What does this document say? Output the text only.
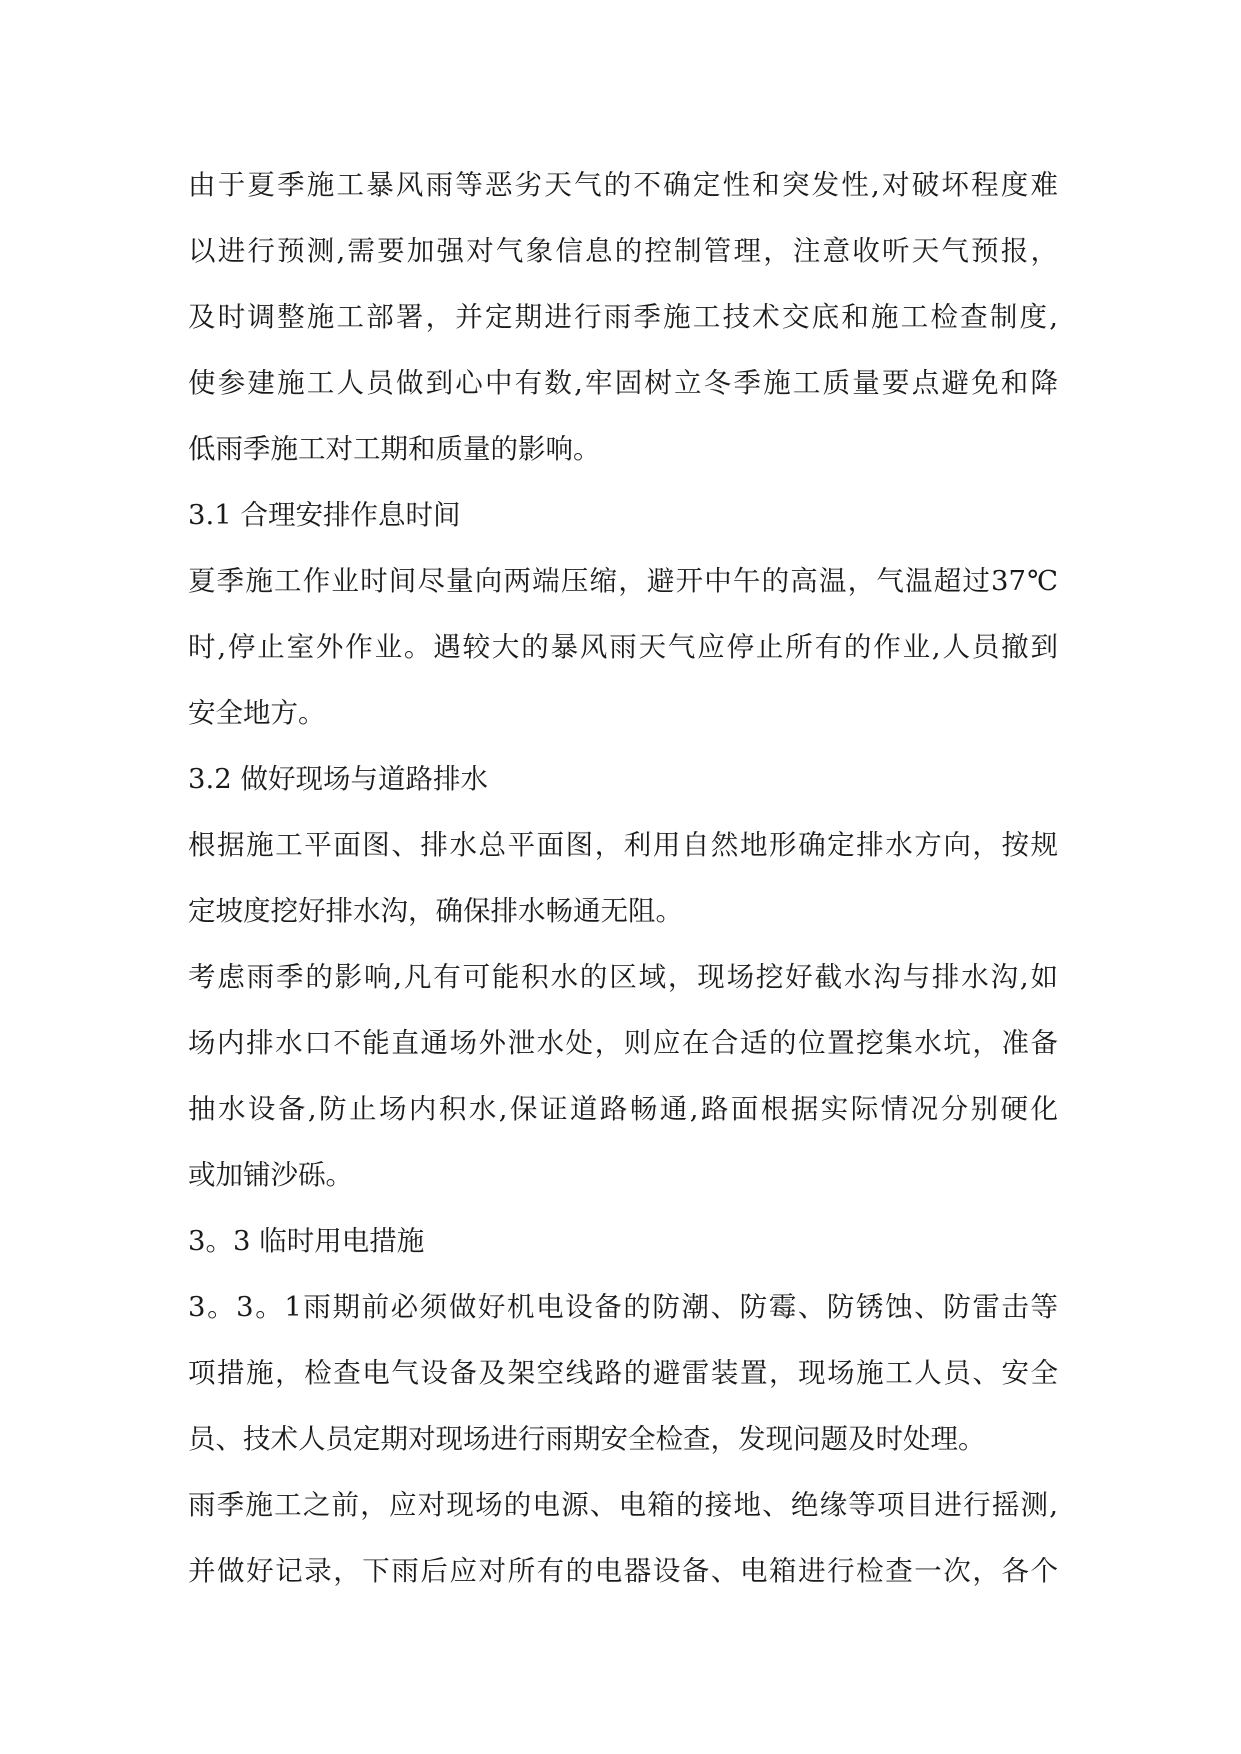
由于夏季施工暴风雨等恶劣天气的不确定性和突发性,对破坏程度难
以进行预测,需要加强对气象信息的控制管理，注意收听天气预报，
及时调整施工部署，并定期进行雨季施工技术交底和施工检查制度,
使参建施工人员做到心中有数,牢固树立冬季施工质量要点避免和降
低雨季施工对工期和质量的影响。
3.1 合理安排作息时间
夏季施工作业时间尽量向两端压缩，避开中午的高温，气温超过37℃
时,停止室外作业。遇较大的暴风雨天气应停止所有的作业,人员撤到
安全地方。
3.2 做好现场与道路排水
根据施工平面图、排水总平面图，利用自然地形确定排水方向，按规
定坡度挖好排水沟，确保排水畅通无阻。
考虑雨季的影响,凡有可能积水的区域，现场挖好截水沟与排水沟,如
场内排水口不能直通场外泄水处，则应在合适的位置挖集水坑，准备
抽水设备,防止场内积水,保证道路畅通,路面根据实际情况分别硬化
或加铺沙砾。
3。3 临时用电措施
3。3。1雨期前必须做好机电设备的防潮、防霉、防锈蚀、防雷击等
项措施，检查电气设备及架空线路的避雷装置，现场施工人员、安全
员、技术人员定期对现场进行雨期安全检查，发现问题及时处理。
雨季施工之前，应对现场的电源、电箱的接地、绝缘等项目进行摇测,
并做好记录，下雨后应对所有的电器设备、电箱进行检查一次，各个
